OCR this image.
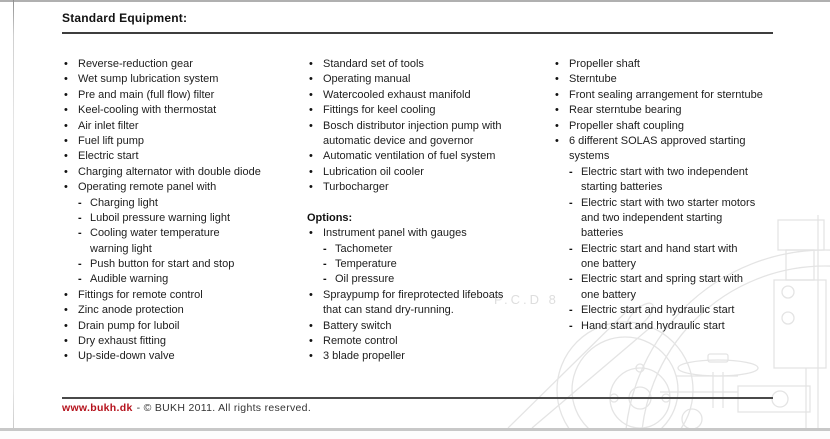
P.C.D 8
Standard Equipment:
• Reverse-reduction gear
• Wet sump lubrication system
• Pre and main (full flow) filter
• Keel-cooling with thermostat
• Air inlet filter
• Fuel lift pump
• Electric start
• Charging alternator with double diode
• Operating remote panel with
- Charging light
- Luboil pressure warning light
- Cooling water temperature
warning light
- Push button for start and stop
- Audible warning
• Fittings for remote control
• Zinc anode protection
• Drain pump for luboil
• Dry exhaust fitting
• Up-side-down valve
• Standard set of tools
• Operating manual
• Watercooled exhaust manifold
• Fittings for keel cooling
• Bosch distributor injection pump with
automatic device and governor
• Automatic ventilation of fuel system
• Lubrication oil cooler
• Turbocharger
Options:
• Instrument panel with gauges
- Tachometer
- Temperature
- Oil pressure
• Spraypump for fireprotected lifeboats
that can stand dry-running.
• Battery switch
• Remote control
• 3 blade propeller
• Propeller shaft
• Sterntube
• Front sealing arrangement for sterntube
• Rear sterntube bearing
• Propeller shaft coupling
• 6 different SOLAS approved starting
systems
- Electric start with two independent
starting batteries
- Electric start with two starter motors
and two independent starting
batteries
- Electric start and hand start with
one battery
- Electric start and spring start with
one battery
- Electric start and hydraulic start
- Hand start and hydraulic start
www.bukh.dk - © BUKH 2011. All rights reserved.
